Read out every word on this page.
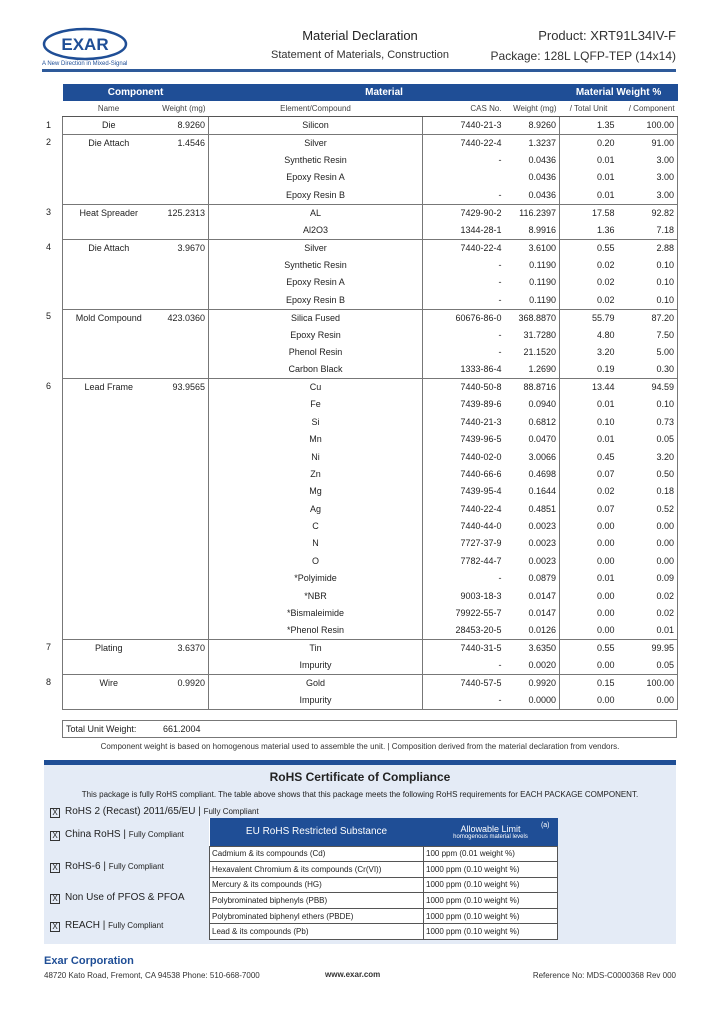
EXAR
A New Direction in Mixed-Signal
Material Declaration
Statement of Materials, Construction
Product: XRT91L34IV-F
Package: 128L LQFP-TEP (14x14)
Component		Material			Material Weight %	
Name	Weight (mg)	Element/Compound	CAS No.	Weight (mg)	/ Total Unit	/ Component
Die	8.9260	Silicon	7440-21-3	8.9260	1.35	100.00
Die Attach	1.4546	Silver	7440-22-4	1.3237	0.20	91.00
		Synthetic Resin	-	0.0436	0.01	3.00
		Epoxy Resin A		0.0436	0.01	3.00
		Epoxy Resin B	-	0.0436	0.01	3.00
Heat Spreader	125.2313	AL	7429-90-2	116.2397	17.58	92.82
		Al2O3	1344-28-1	8.9916	1.36	7.18
Die Attach	3.9670	Silver	7440-22-4	3.6100	0.55	2.88
		Synthetic Resin	-	0.1190	0.02	0.10
		Epoxy Resin A	-	0.1190	0.02	0.10
		Epoxy Resin B	-	0.1190	0.02	0.10
Mold Compound	423.0360	Silica Fused	60676-86-0	368.8870	55.79	87.20
		Epoxy Resin	-	31.7280	4.80	7.50
		Phenol Resin	-	21.1520	3.20	5.00
		Carbon Black	1333-86-4	1.2690	0.19	0.30
Lead Frame	93.9565	Cu	7440-50-8	88.8716	13.44	94.59
		Fe	7439-89-6	0.0940	0.01	0.10
		Si	7440-21-3	0.6812	0.10	0.73
		Mn	7439-96-5	0.0470	0.01	0.05
		Ni	7440-02-0	3.0066	0.45	3.20
		Zn	7440-66-6	0.4698	0.07	0.50
		Mg	7439-95-4	0.1644	0.02	0.18
		Ag	7440-22-4	0.4851	0.07	0.52
		C	7440-44-0	0.0023	0.00	0.00
		N	7727-37-9	0.0023	0.00	0.00
		O	7782-44-7	0.0023	0.00	0.00
		*Polyimide	-	0.0879	0.01	0.09
		*NBR	9003-18-3	0.0147	0.00	0.02
		*Bismaleimide	79922-55-7	0.0147	0.00	0.02
		*Phenol Resin	28453-20-5	0.0126	0.00	0.01
Plating	3.6370	Tin	7440-31-5	3.6350	0.55	99.95
		Impurity	-	0.0020	0.00	0.05
Wire	0.9920	Gold	7440-57-5	0.9920	0.15	100.00
		Impurity	-	0.0000	0.00	0.00
1
2
3
4
5
6
7
8
Total Unit Weight:	661.2004
Component weight is based on homogenous material used to assemble the unit. | Composition derived from the material declaration from vendors.
RoHS Certificate of Compliance
This package is fully RoHS compliant. The table above shows that this package meets the following RoHS requirements for EACH PACKAGE COMPONENT.
X RoHS 2 (Recast) 2011/65/EU | Fully Compliant
X China RoHS | Fully Compliant
X RoHS-6 | Fully Compliant
X Non Use of PFOS & PFOA
X REACH | Fully Compliant
EU RoHS Restricted Substance	Allowable Limit
homogenous material levels
(a)

Cadmium & its compounds (Cd)	100 ppm (0.01 weight %)
Hexavalent Chromium & its compounds (Cr(VI))	1000 ppm (0.10 weight %)
Mercury & its compounds (HG)	1000 ppm (0.10 weight %)
Polybrominated biphenyls (PBB)	1000 ppm (0.10 weight %)
Polybrominated biphenyl ethers (PBDE)	1000 ppm (0.10 weight %)
Lead & its compounds (Pb)	1000 ppm (0.10 weight %)
Exar Corporation
48720 Kato Road, Fremont, CA 94538 Phone: 510-668-7000	www.exar.com	Reference No: MDS-C0000368 Rev 000
